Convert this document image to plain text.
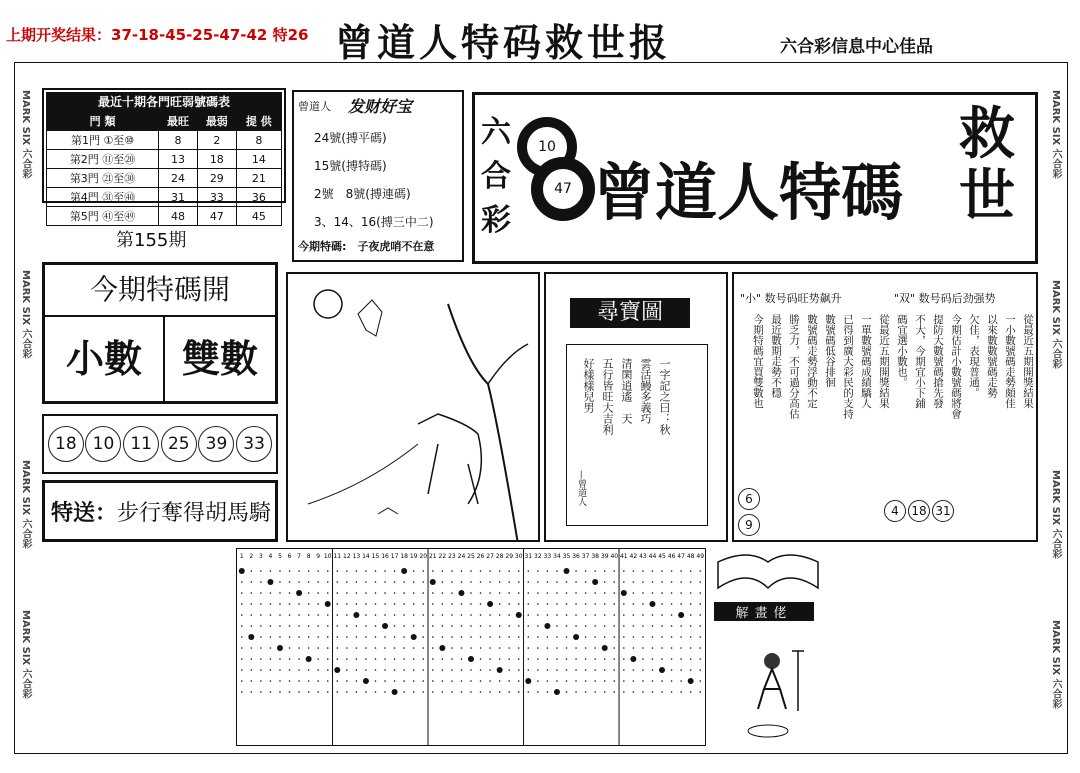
上期开奖结果：37-18-45-25-47-42 特26 曾道人特码救世报	六合彩信息中心佳品
MARK SIX 六合彩
MARK SIX 六合彩
MARK SIX 六合彩
MARK SIX 六合彩
MARK SIX 六合彩
MARK SIX 六合彩
MARK SIX 六合彩
MARK SIX 六合彩
最近十期各門旺弱號碼表
門 類	最旺	最弱	提 供
第1門 ①至⑩	8	2	8
第2門 ⑪至⑳	13	18	14
第3門 ㉑至㉚	24	29	21
第4門 ㉛至㊵	31	33	36
第5門 ㊶至㊾	48	47	45
第155期
曾道人 发财好宝
24號(搏平碼)
15號(搏特碼)
2號　8號(搏連碼)
3、14、16(搏三中二)
今期特碼:　子夜虎哨不在意
六
合
彩
10
47 曾道人特碼
救
世
今期特碼開
小數	雙數
18 10 11 25 39 33
特送： 步行奪得胡馬騎
尋寶圖
一字記之曰：秋
雲活鰻多義巧
清閑逍遙　天
五行皆旺大吉利
好樣樣兒男
—曾道人
"小" 数号码旺势飙升	"双" 数号码后劲强势
從最近五期開獎結果
一小數號碼走勢頗佳
以來數數號碼走勢
欠佳，表現普通。
今期估計小數號碼將會
提防大數號碼搶先發
不大，今期宜小下鋪
碼宜選小數也。
從最近五期開獎結果
一單數號碼成績驕人
已得到廣大彩民的支持
數號碼低谷排徊
數號碼走勢浮動不定
勝乏力，不可過分高估
最近數期走勢不穩
今期特碼宜買雙數也
69
4	18 31
1 2 3 4 5 6 7 8 9 10 11 12 13 14 15 16 17 18 19 20 21 22 23 24 25 26 27 28 29 30 31 32 33 34 35 36 37 38 39 40 41 42 43 44 45 46 47 48 49
解畫佬
